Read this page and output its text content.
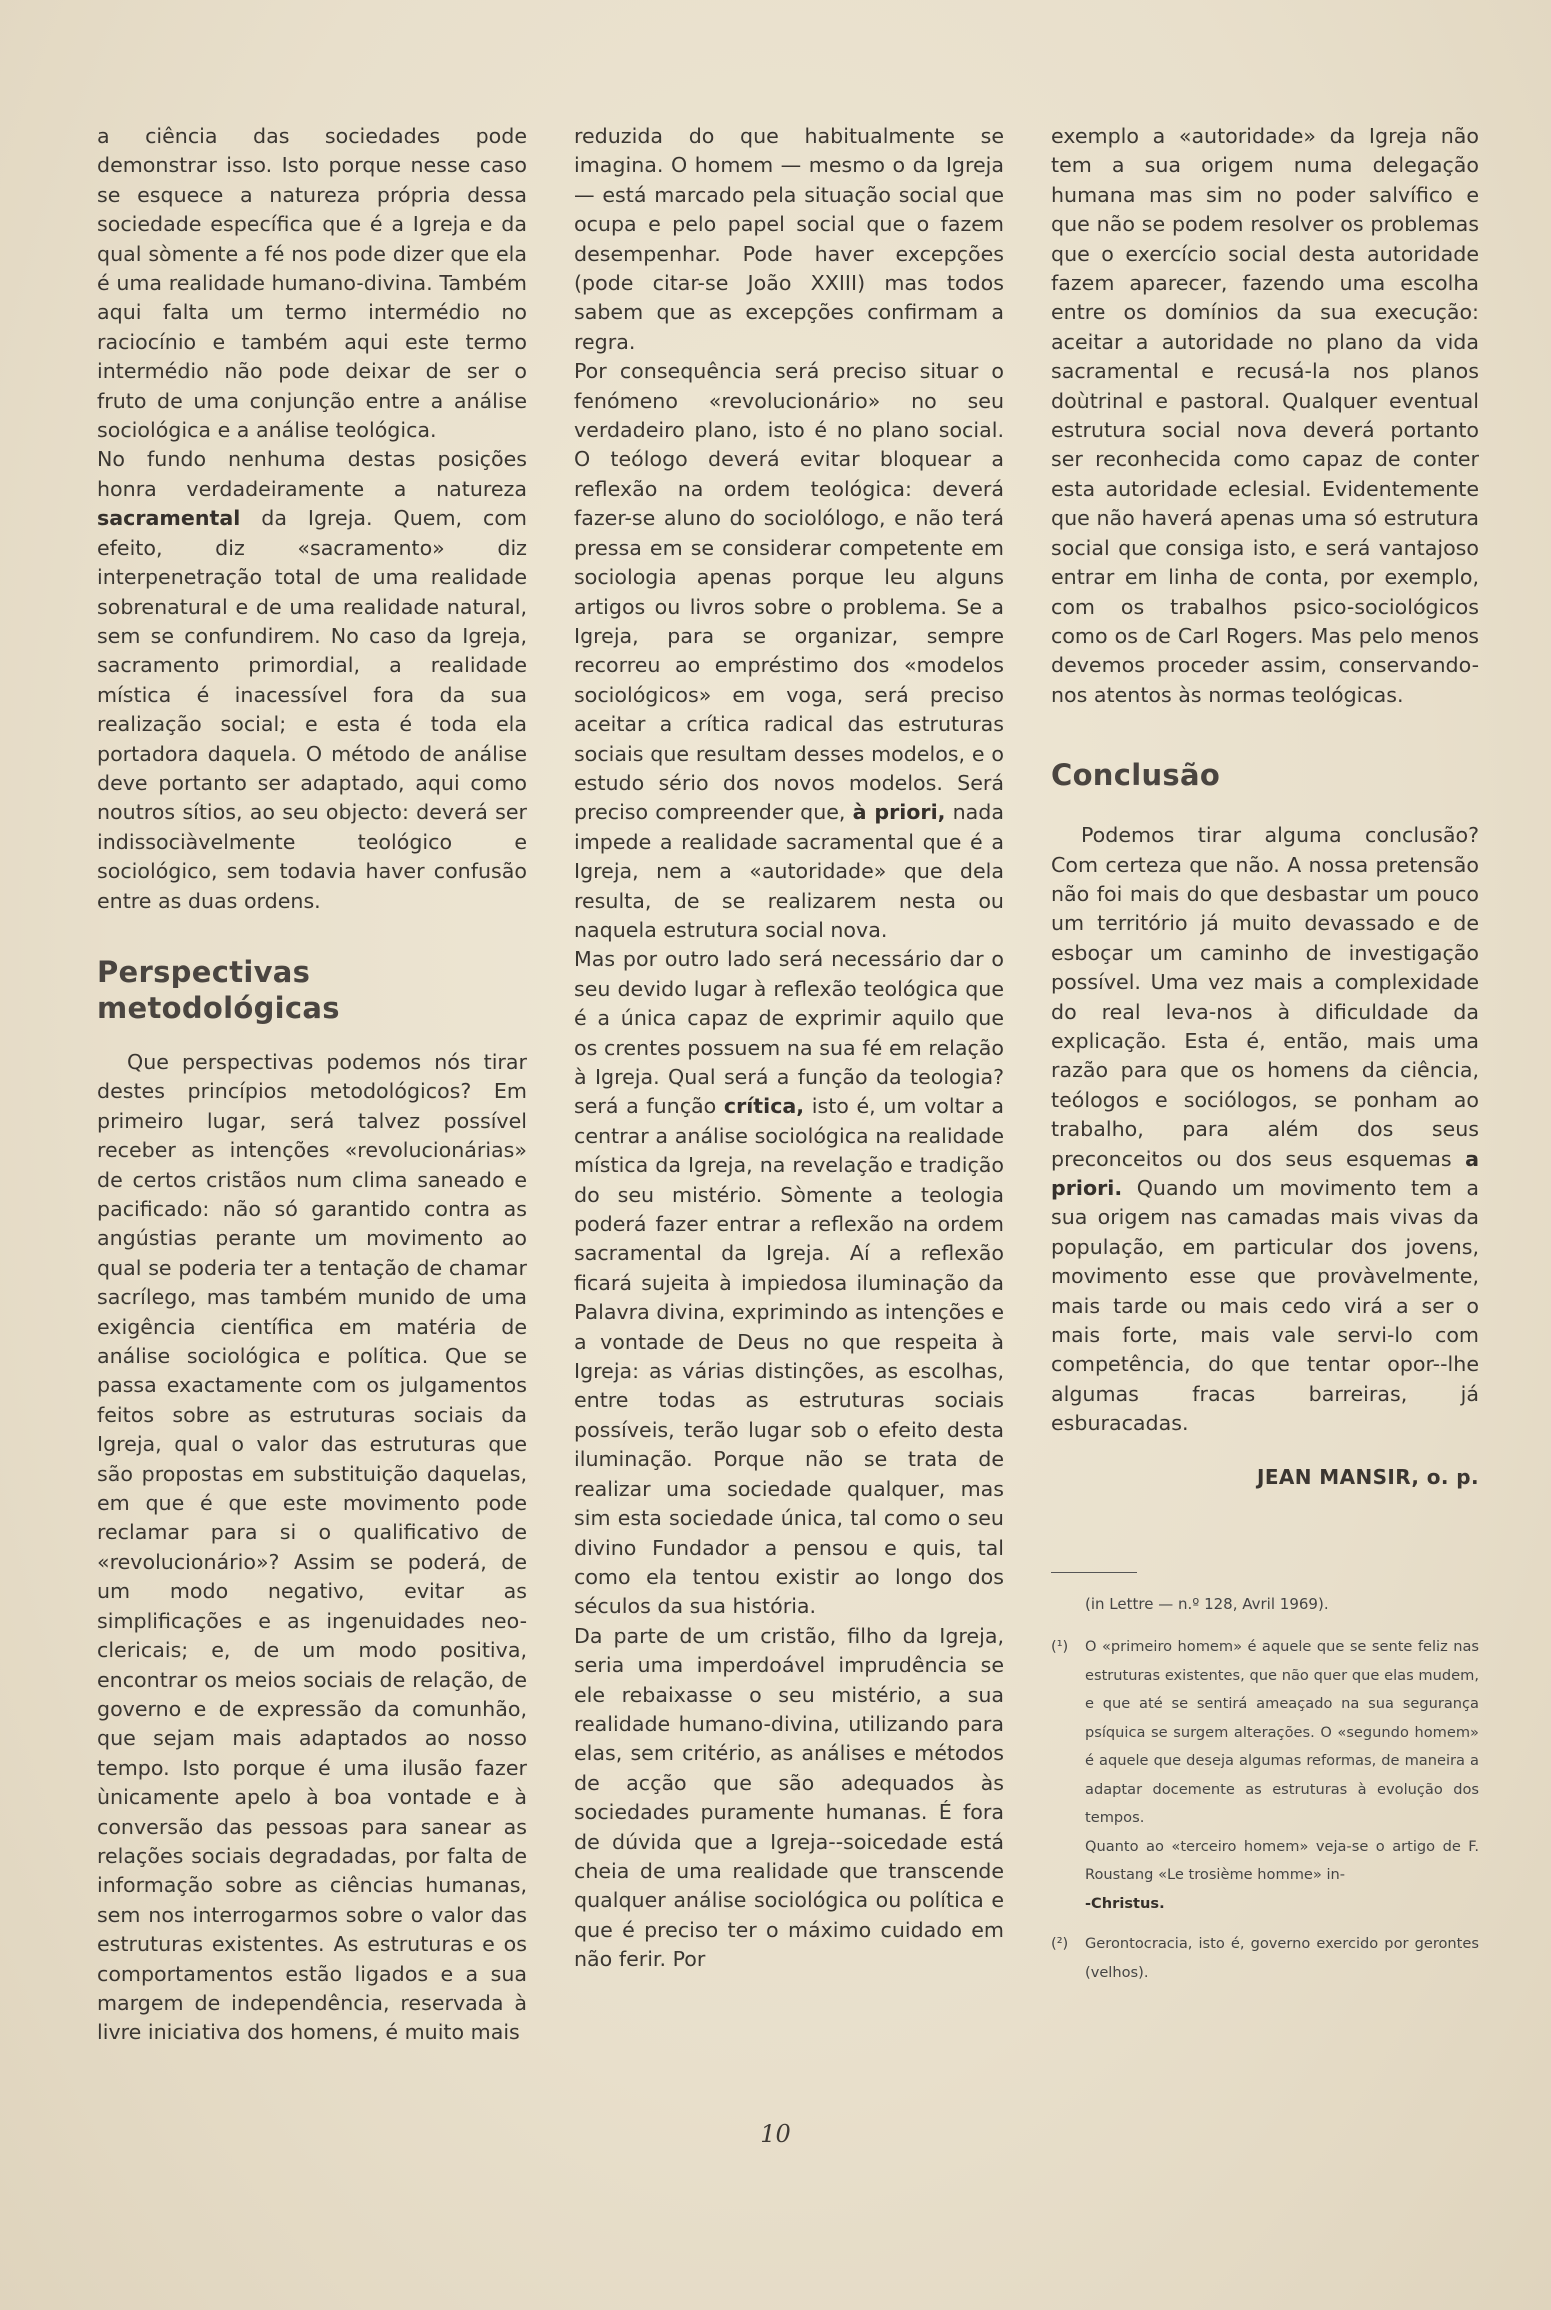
a ciência das sociedades pode demonstrar isso. Isto porque nesse caso se esquece a natureza própria dessa sociedade específica que é a Igreja e da qual sòmente a fé nos pode dizer que ela é uma realidade humano-divina. Também aqui falta um termo intermédio no raciocínio e também aqui este termo intermédio não pode deixar de ser o fruto de uma conjunção entre a análise sociológica e a análise teológica.

No fundo nenhuma destas posições honra verdadeiramente a natureza sacramental da Igreja. Quem, com efeito, diz «sacramento» diz interpenetração total de uma realidade sobrenatural e de uma realidade natural, sem se confundirem. No caso da Igreja, sacramento primordial, a realidade mística é inacessível fora da sua realização social; e esta é toda ela portadora daquela. O método de análise deve portanto ser adaptado, aqui como noutros sítios, ao seu objecto: deverá ser indissociàvelmente teológico e sociológico, sem todavia haver confusão entre as duas ordens.

Perspectivas metodológicas

Que perspectivas podemos nós tirar destes princípios metodológicos? Em primeiro lugar, será talvez possível receber as intenções «revolucionárias» de certos cristãos num clima saneado e pacificado: não só garantido contra as angústias perante um movimento ao qual se poderia ter a tentação de chamar sacrílego, mas também munido de uma exigência científica em matéria de análise sociológica e política. Que se passa exactamente com os julgamentos feitos sobre as estruturas sociais da Igreja, qual o valor das estruturas que são propostas em substituição daquelas, em que é que este movimento pode reclamar para si o qualificativo de «revolucionário»? Assim se poderá, de um modo negativo, evitar as simplificações e as ingenuidades neo-clericais; e, de um modo positiva, encontrar os meios sociais de relação, de governo e de expressão da comunhão, que sejam mais adaptados ao nosso tempo. Isto porque é uma ilusão fazer ùnicamente apelo à boa vontade e à conversão das pessoas para sanear as relações sociais degradadas, por falta de informação sobre as ciências humanas, sem nos interrogarmos sobre o valor das estruturas existentes. As estruturas e os comportamentos estão ligados e a sua margem de independência, reservada à livre iniciativa dos homens, é muito mais

reduzida do que habitualmente se imagina. O homem — mesmo o da Igreja — está marcado pela situação social que ocupa e pelo papel social que o fazem desempenhar. Pode haver excepções (pode citar-se João XXIII) mas todos sabem que as excepções confirmam a regra.

Por consequência será preciso situar o fenómeno «revolucionário» no seu verdadeiro plano, isto é no plano social. O teólogo deverá evitar bloquear a reflexão na ordem teológica: deverá fazer-se aluno do sociolólogo, e não terá pressa em se considerar competente em sociologia apenas porque leu alguns artigos ou livros sobre o problema. Se a Igreja, para se organizar, sempre recorreu ao empréstimo dos «modelos sociológicos» em voga, será preciso aceitar a crítica radical das estruturas sociais que resultam desses modelos, e o estudo sério dos novos modelos. Será preciso compreender que, à priori, nada impede a realidade sacramental que é a Igreja, nem a «autoridade» que dela resulta, de se realizarem nesta ou naquela estrutura social nova.

Mas por outro lado será necessário dar o seu devido lugar à reflexão teológica que é a única capaz de exprimir aquilo que os crentes possuem na sua fé em relação à Igreja. Qual será a função da teologia? será a função crítica, isto é, um voltar a centrar a análise sociológica na realidade mística da Igreja, na revelação e tradição do seu mistério. Sòmente a teologia poderá fazer entrar a reflexão na ordem sacramental da Igreja. Aí a reflexão ficará sujeita à impiedosa iluminação da Palavra divina, exprimindo as intenções e a vontade de Deus no que respeita à Igreja: as várias distinções, as escolhas, entre todas as estruturas sociais possíveis, terão lugar sob o efeito desta iluminação. Porque não se trata de realizar uma sociedade qualquer, mas sim esta sociedade única, tal como o seu divino Fundador a pensou e quis, tal como ela tentou existir ao longo dos séculos da sua história.

Da parte de um cristão, filho da Igreja, seria uma imperdoável imprudência se ele rebaixasse o seu mistério, a sua realidade humano-divina, utilizando para elas, sem critério, as análises e métodos de acção que são adequados às sociedades puramente humanas. É fora de dúvida que a Igreja--soicedade está cheia de uma realidade que transcende qualquer análise sociológica ou política e que é preciso ter o máximo cuidado em não ferir. Por

exemplo a «autoridade» da Igreja não tem a sua origem numa delegação humana mas sim no poder salvífico e que não se podem resolver os problemas que o exercício social desta autoridade fazem aparecer, fazendo uma escolha entre os domínios da sua execução: aceitar a autoridade no plano da vida sacramental e recusá-la nos planos doùtrinal e pastoral. Qualquer eventual estrutura social nova deverá portanto ser reconhecida como capaz de conter esta autoridade eclesial. Evidentemente que não haverá apenas uma só estrutura social que consiga isto, e será vantajoso entrar em linha de conta, por exemplo, com os trabalhos psico-sociológicos como os de Carl Rogers. Mas pelo menos devemos proceder assim, conservando-nos atentos às normas teológicas.

Conclusão

Podemos tirar alguma conclusão? Com certeza que não. A nossa pretensão não foi mais do que desbastar um pouco um território já muito devassado e de esboçar um caminho de investigação possível. Uma vez mais a complexidade do real leva-nos à dificuldade da explicação. Esta é, então, mais uma razão para que os homens da ciência, teólogos e sociólogos, se ponham ao trabalho, para além dos seus preconceitos ou dos seus esquemas a priori. Quando um movimento tem a sua origem nas camadas mais vivas da população, em particular dos jovens, movimento esse que provàvelmente, mais tarde ou mais cedo virá a ser o mais forte, mais vale servi-lo com competência, do que tentar opor--lhe algumas fracas barreiras, já esburacadas.

JEAN MANSIR, o. p.
(in Lettre — n.º 128, Avril 1969).
(¹)	O «primeiro homem» é aquele que se sente feliz nas estruturas existentes, que não quer que elas mudem, e que até se sentirá ameaçado na sua segurança psíquica se surgem alterações. O «segundo homem» é aquele que deseja algumas reformas, de maneira a adaptar docemente as estruturas à evolução dos tempos.
Quanto ao «terceiro homem» veja-se o artigo de F. Roustang «Le trosième homme» in-
-Christus.
(²)	Gerontocracia, isto é, governo exercido por gerontes (velhos).
10
